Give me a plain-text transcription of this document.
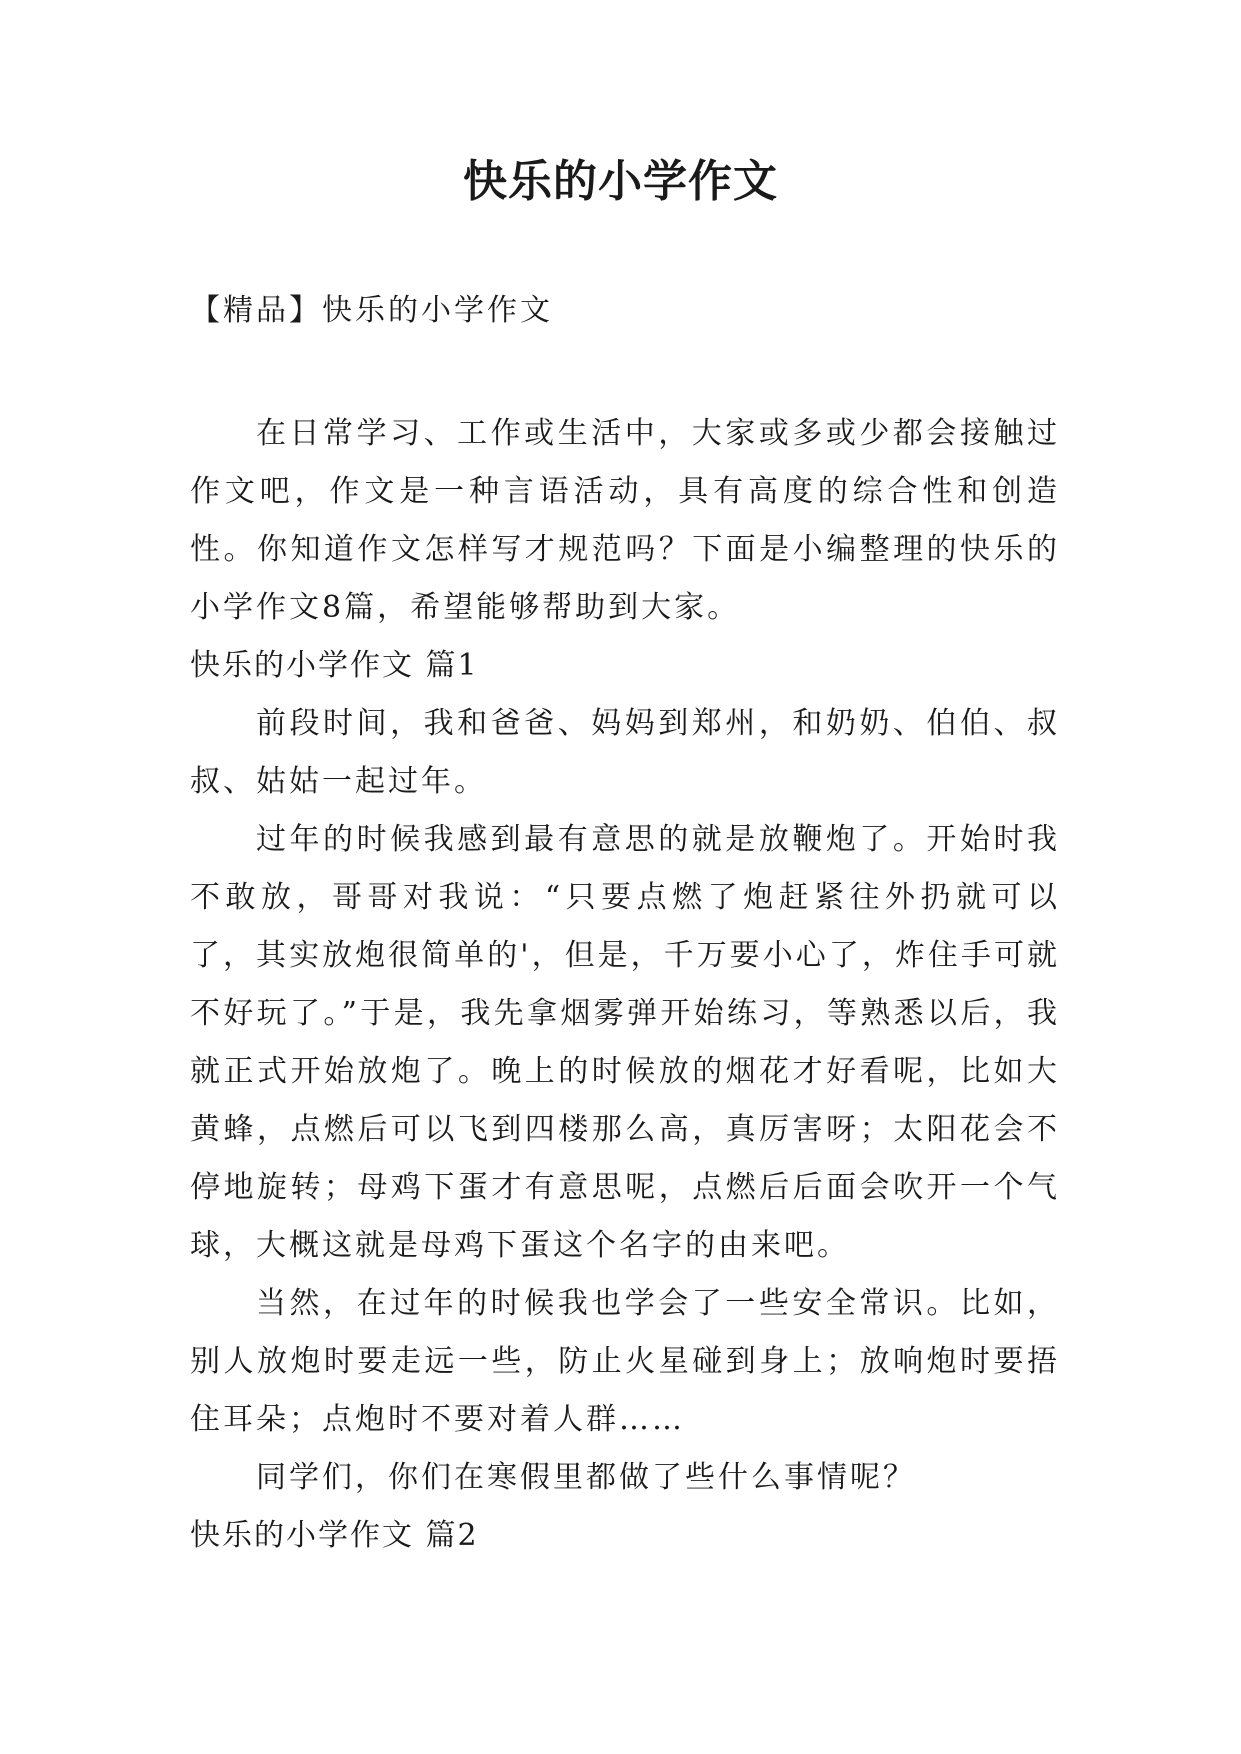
快乐的小学作文
【精品】快乐的小学作文

在日常学习、工作或生活中，大家或多或少都会接触过作文吧，作文是一种言语活动，具有高度的综合性和创造性。你知道作文怎样写才规范吗？下面是小编整理的快乐的小学作文8篇，希望能够帮助到大家。

快乐的小学作文 篇1

前段时间，我和爸爸、妈妈到郑州，和奶奶、伯伯、叔叔、姑姑一起过年。

过年的时候我感到最有意思的就是放鞭炮了。开始时我不敢放，哥哥对我说：“只要点燃了炮赶紧往外扔就可以了，其实放炮很简单的'，但是，千万要小心了，炸住手可就不好玩了。”于是，我先拿烟雾弹开始练习，等熟悉以后，我就正式开始放炮了。晚上的时候放的烟花才好看呢，比如大黄蜂，点燃后可以飞到四楼那么高，真厉害呀；太阳花会不停地旋转；母鸡下蛋才有意思呢，点燃后后面会吹开一个气球，大概这就是母鸡下蛋这个名字的由来吧。

当然，在过年的时候我也学会了一些安全常识。比如，别人放炮时要走远一些，防止火星碰到身上；放响炮时要捂住耳朵；点炮时不要对着人群……

同学们，你们在寒假里都做了些什么事情呢？

快乐的小学作文 篇2
